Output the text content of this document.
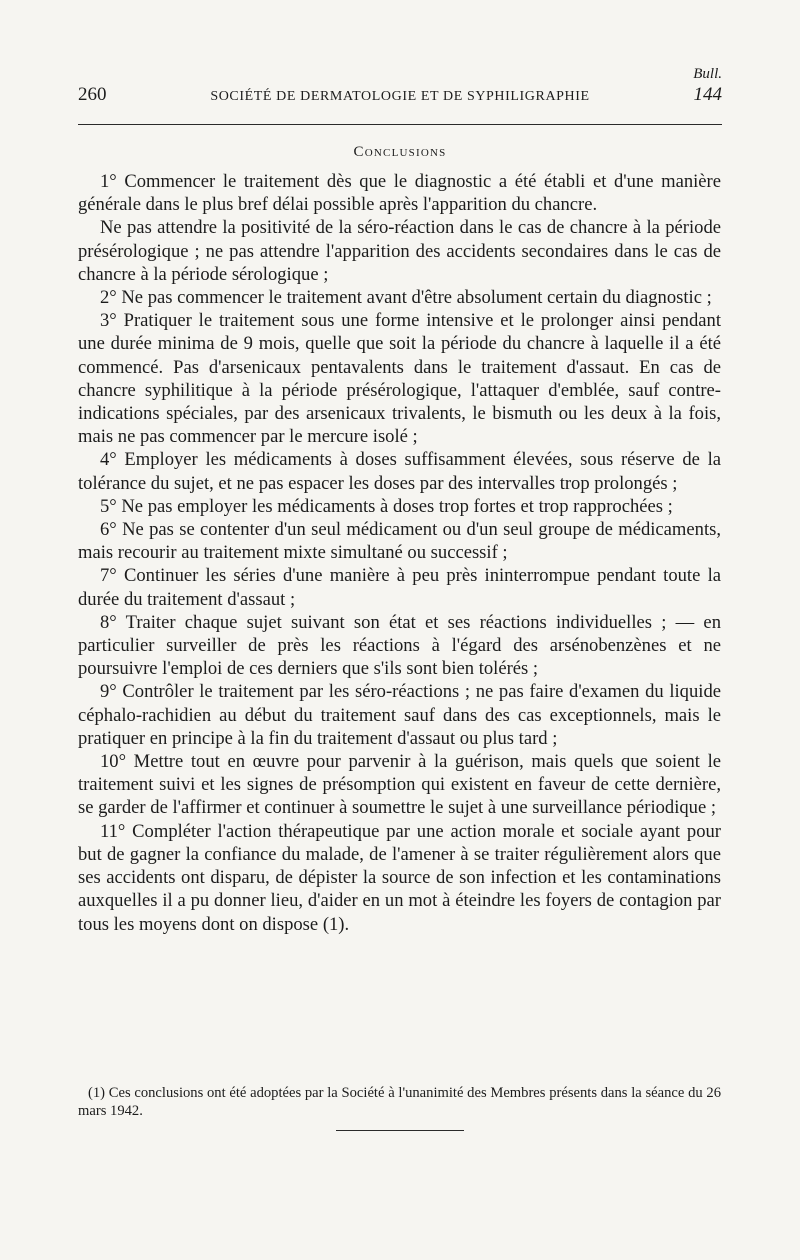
Bull.
260	SOCIÉTÉ DE DERMATOLOGIE ET DE SYPHILIGRAPHIE	144
Conclusions

1° Commencer le traitement dès que le diagnostic a été établi et d'une manière générale dans le plus bref délai possible après l'apparition du chancre.

Ne pas attendre la positivité de la séro-réaction dans le cas de chancre à la période présérologique ; ne pas attendre l'apparition des accidents secondaires dans le cas de chancre à la période sérologique ;

2° Ne pas commencer le traitement avant d'être absolument certain du diagnostic ;

3° Pratiquer le traitement sous une forme intensive et le prolonger ainsi pendant une durée minima de 9 mois, quelle que soit la période du chancre à laquelle il a été commencé. Pas d'arsenicaux pentavalents dans le traitement d'assaut. En cas de chancre syphilitique à la période présérologique, l'attaquer d'emblée, sauf contre-indications spéciales, par des arsenicaux trivalents, le bismuth ou les deux à la fois, mais ne pas commencer par le mercure isolé ;

4° Employer les médicaments à doses suffisamment élevées, sous réserve de la tolérance du sujet, et ne pas espacer les doses par des intervalles trop prolongés ;

5° Ne pas employer les médicaments à doses trop fortes et trop rapprochées ;

6° Ne pas se contenter d'un seul médicament ou d'un seul groupe de médicaments, mais recourir au traitement mixte simultané ou successif ;

7° Continuer les séries d'une manière à peu près ininterrompue pendant toute la durée du traitement d'assaut ;

8° Traiter chaque sujet suivant son état et ses réactions individuelles ; — en particulier surveiller de près les réactions à l'égard des arsénobenzènes et ne poursuivre l'emploi de ces derniers que s'ils sont bien tolérés ;

9° Contrôler le traitement par les séro-réactions ; ne pas faire d'examen du liquide céphalo-rachidien au début du traitement sauf dans des cas exceptionnels, mais le pratiquer en principe à la fin du traitement d'assaut ou plus tard ;

10° Mettre tout en œuvre pour parvenir à la guérison, mais quels que soient le traitement suivi et les signes de présomption qui existent en faveur de cette dernière, se garder de l'affirmer et continuer à soumettre le sujet à une surveillance périodique ;

11° Compléter l'action thérapeutique par une action morale et sociale ayant pour but de gagner la confiance du malade, de l'amener à se traiter régulièrement alors que ses accidents ont disparu, de dépister la source de son infection et les contaminations auxquelles il a pu donner lieu, d'aider en un mot à éteindre les foyers de contagion par tous les moyens dont on dispose (1).

(1) Ces conclusions ont été adoptées par la Société à l'unanimité des Membres présents dans la séance du 26 mars 1942.
